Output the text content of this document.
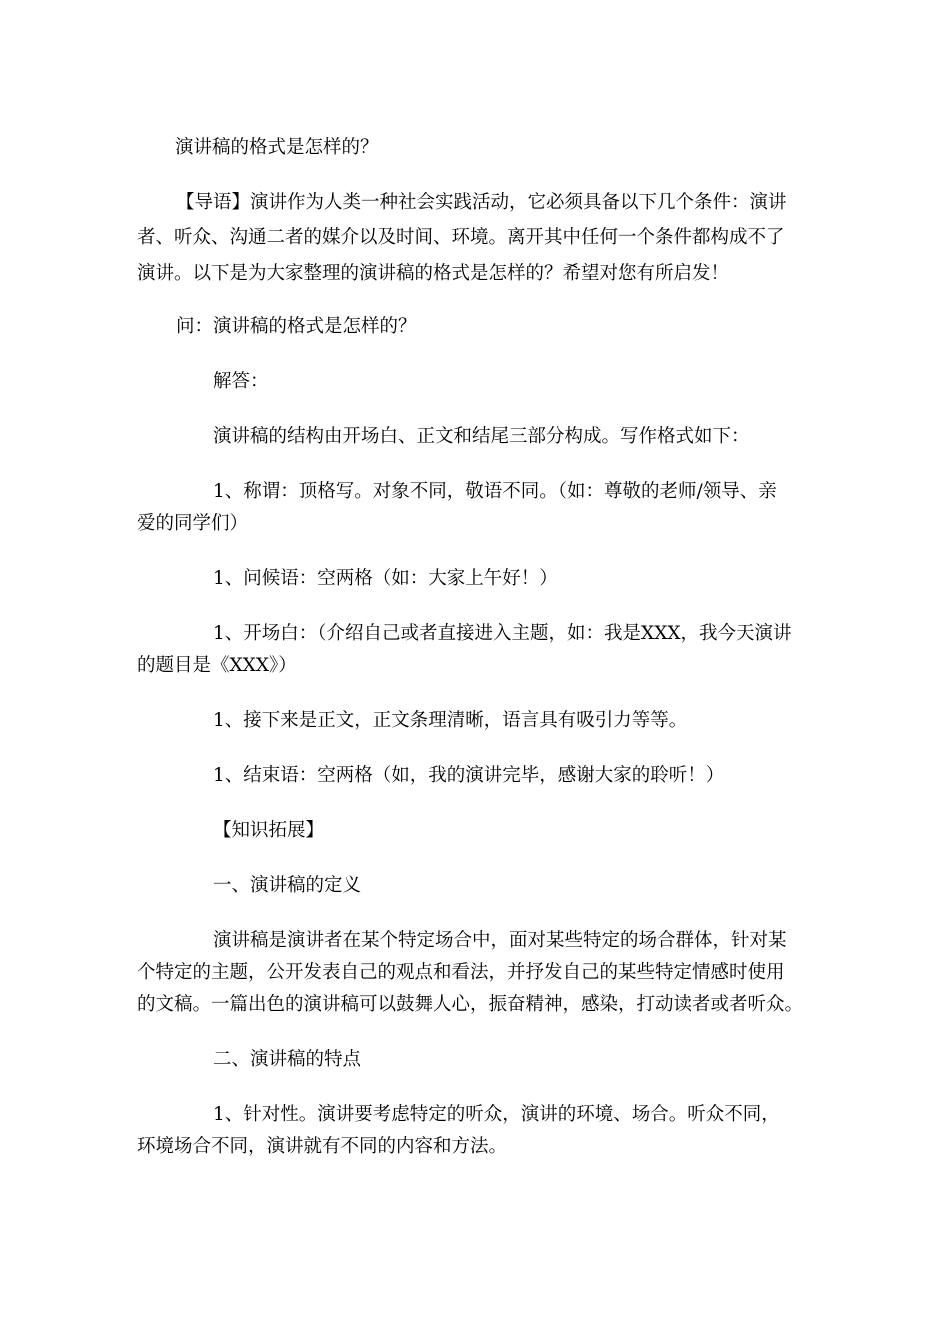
演讲稿的格式是怎样的？
【导语】演讲作为人类一种社会实践活动，它必须具备以下几个条件：演讲
者、听众、沟通二者的媒介以及时间、环境。离开其中任何一个条件都构成不了
演讲。以下是为大家整理的演讲稿的格式是怎样的？希望对您有所启发！
问：演讲稿的格式是怎样的？
解答：
演讲稿的结构由开场白、正文和结尾三部分构成。写作格式如下：
1、称谓：顶格写。对象不同，敬语不同。（如：尊敬的老师/领导、亲
爱的同学们）
1、问候语：空两格（如：大家上午好！）
1、开场白：（介绍自己或者直接进入主题，如：我是XXX，我今天演讲
的题目是《XXX》）
1、接下来是正文，正文条理清晰，语言具有吸引力等等。
1、结束语：空两格（如，我的演讲完毕，感谢大家的聆听！）
【知识拓展】
一、演讲稿的定义
演讲稿是演讲者在某个特定场合中，面对某些特定的场合群体，针对某
个特定的主题，公开发表自己的观点和看法，并抒发自己的某些特定情感时使用
的文稿。一篇出色的演讲稿可以鼓舞人心，振奋精神，感染，打动读者或者听众。
二、演讲稿的特点
1、针对性。演讲要考虑特定的听众，演讲的环境、场合。听众不同，
环境场合不同，演讲就有不同的内容和方法。
